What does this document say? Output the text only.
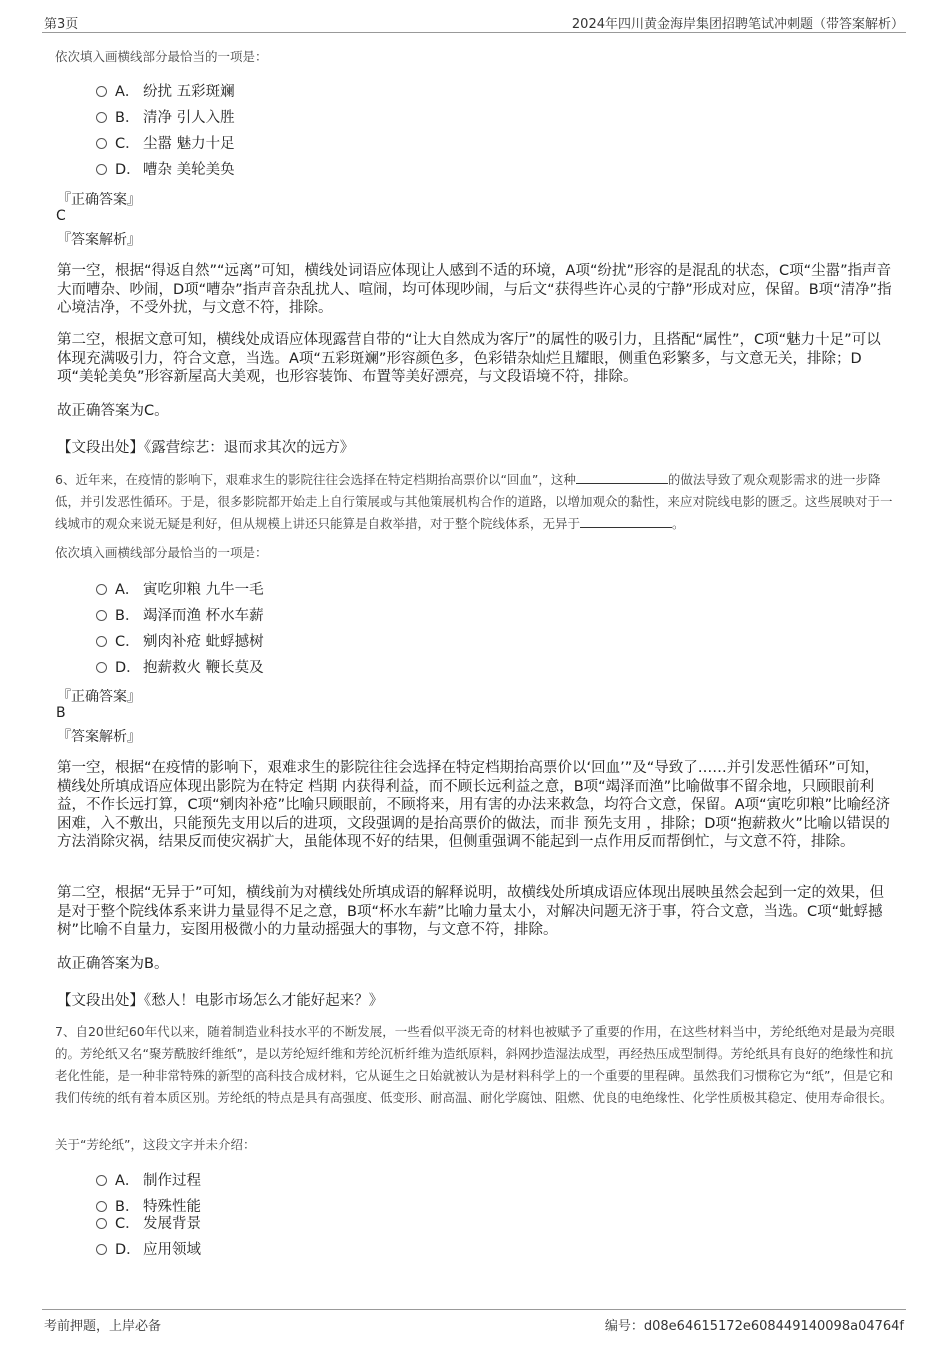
第3页	2024年四川黄金海岸集团招聘笔试冲刺题（带答案解析）
依次填入画横线部分最恰当的一项是：
A． 纷扰 五彩斑斓
B． 清净 引人入胜
C． 尘嚣 魅力十足
D． 嘈杂 美轮美奂
『正确答案』
C
『答案解析』
第一空，根据“得返自然”“远离”可知，横线处词语应体现让人感到不适的环境，A项“纷扰”形容的是混乱的状态，C项“尘嚣”指声音大而嘈杂、吵闹，D项“嘈杂”指声音杂乱扰人、喧闹，均可体现吵闹，与后文“获得些许心灵的宁静”形成对应，保留。B项“清净”指心境洁净，不受外扰，与文意不符，排除。
第二空，根据文意可知，横线处成语应体现露营自带的“让大自然成为客厅”的属性的吸引力，且搭配“属性”，C项“魅力十足”可以体现充满吸引力，符合文意，当选。A项“五彩斑斓”形容颜色多，色彩错杂灿烂且耀眼，侧重色彩繁多，与文意无关，排除；D项“美轮美奂”形容新屋高大美观，也形容装饰、布置等美好漂亮，与文段语境不符，排除。
故正确答案为C。
【文段出处】《露营综艺：退而求其次的远方》
6、近年来，在疫情的影响下，艰难求生的影院往往会选择在特定档期抬高票价以“回血”，这种	的做法导致了观众观影需求的进一步降低，并引发恶性循环。于是，很多影院都开始走上自行策展或与其他策展机构合作的道路，以增加观众的黏性，来应对院线电影的匮乏。这些展映对于一线城市的观众来说无疑是利好，但从规模上讲还只能算是自救举措，对于整个院线体系，无异于	。
依次填入画横线部分最恰当的一项是：
A． 寅吃卯粮 九牛一毛
B． 竭泽而渔 杯水车薪
C． 剜肉补疮 蚍蜉撼树
D． 抱薪救火 鞭长莫及
『正确答案』
B
『答案解析』
第一空，根据“在疫情的影响下，艰难求生的影院往往会选择在特定档期抬高票价以‘回血’”及“导致了……并引发恶性循环”可知，横线处所填成语应体现出影院为在特定 档期 内获得利益，而不顾长远利益之意，B项“竭泽而渔”比喻做事不留余地，只顾眼前利益，不作长远打算，C项“剜肉补疮”比喻只顾眼前，不顾将来，用有害的办法来救急，均符合文意，保留。A项“寅吃卯粮”比喻经济困难，入不敷出，只能预先支用以后的进项，文段强调的是抬高票价的做法，而非 预先支用 ，排除；D项“抱薪救火”比喻以错误的方法消除灾祸，结果反而使灾祸扩大，虽能体现不好的结果，但侧重强调不能起到一点作用反而帮倒忙，与文意不符，排除。
第二空，根据“无异于”可知，横线前为对横线处所填成语的解释说明，故横线处所填成语应体现出展映虽然会起到一定的效果，但是对于整个院线体系来讲力量显得不足之意，B项“杯水车薪”比喻力量太小，对解决问题无济于事，符合文意，当选。C项“蚍蜉撼树”比喻不自量力，妄图用极微小的力量动摇强大的事物，与文意不符，排除。
故正确答案为B。
【文段出处】《愁人！电影市场怎么才能好起来？》
7、自20世纪60年代以来，随着制造业科技水平的不断发展，一些看似平淡无奇的材料也被赋予了重要的作用，在这些材料当中，芳纶纸绝对是最为亮眼的。芳纶纸又名“聚芳酰胺纤维纸”，是以芳纶短纤维和芳纶沉析纤维为造纸原料，斜网抄造湿法成型，再经热压成型制得。芳纶纸具有良好的绝缘性和抗老化性能，是一种非常特殊的新型的高科技合成材料，它从诞生之日始就被认为是材料科学上的一个重要的里程碑。虽然我们习惯称它为“纸”，但是它和我们传统的纸有着本质区别。芳纶纸的特点是具有高强度、低变形、耐高温、耐化学腐蚀、阻燃、优良的电绝缘性、化学性质极其稳定、使用寿命很长。
关于“芳纶纸”，这段文字并未介绍：
A． 制作过程
B． 特殊性能
C． 发展背景
D． 应用领域
考前押题，上岸必备	编号：d08e64615172e608449140098a04764f
